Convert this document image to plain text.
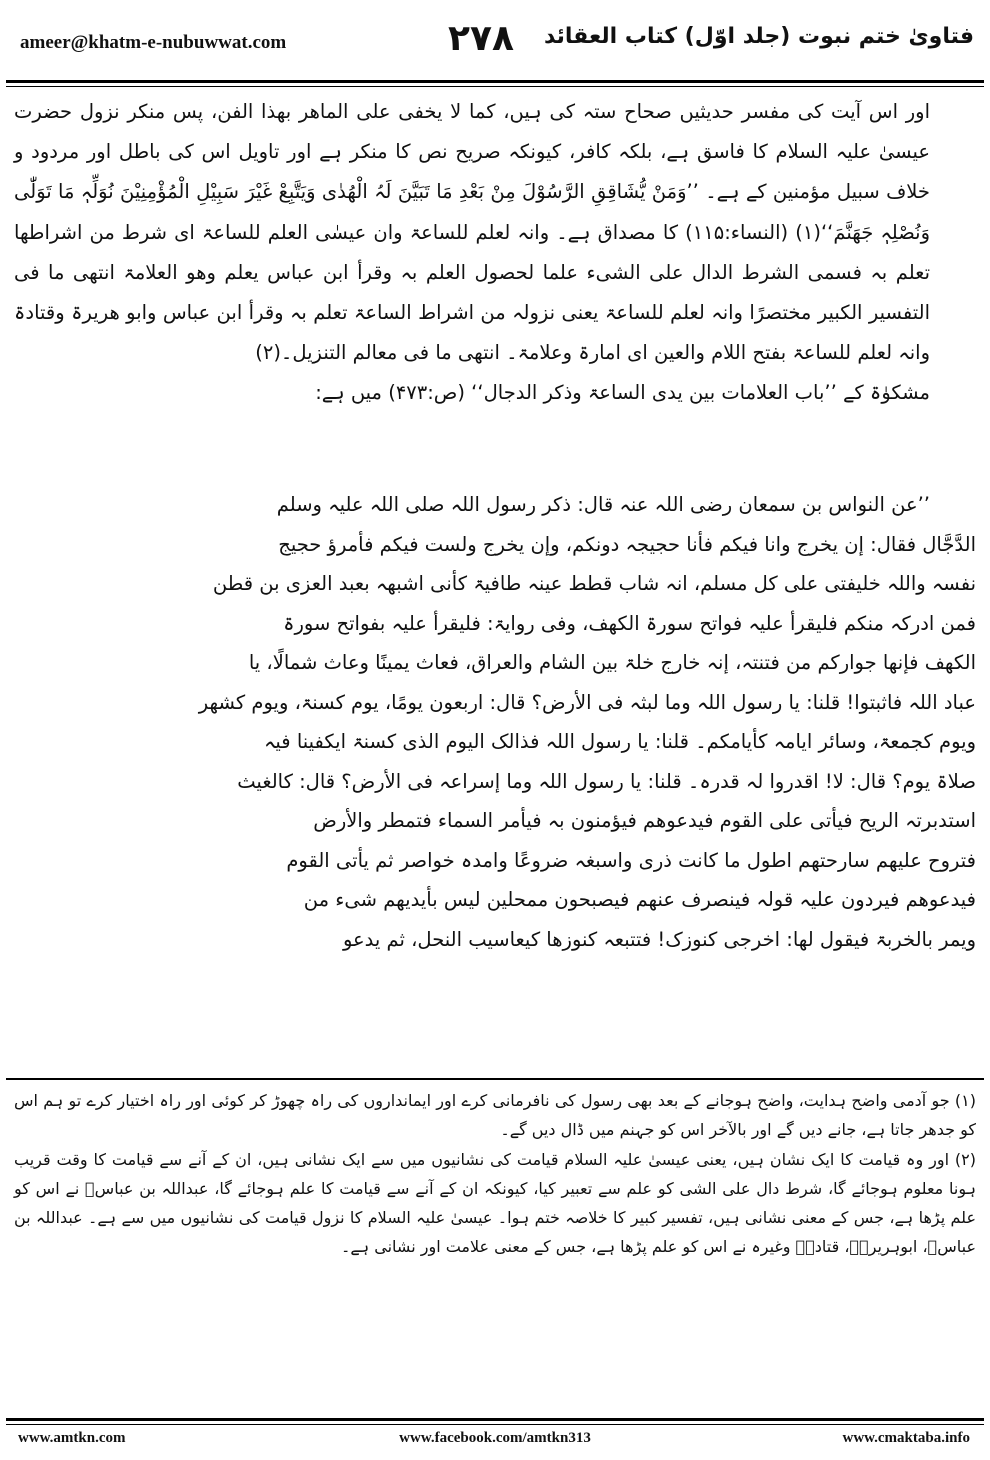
ameer@khatm-e-nubuwwat.com	۲۷۸	فتاویٰ ختم نبوت (جلد اوّل) کتاب العقائد

اور اس آیت کی مفسر حدیثیں صحاح ستہ کی ہیں، کما لا یخفی علی الماھر بھذا الفن، پس منکر نزول حضرت عیسیٰ علیہ السلام کا فاسق ہے، بلکہ کافر، کیونکہ صریح نص کا منکر ہے اور تاویل اس کی باطل اور مردود و خلاف سبیل مؤمنین کے ہے۔ ’’وَمَنْ یُّشَاقِقِ الرَّسُوْلَ مِنْ بَعْدِ مَا تَبَیَّنَ لَہُ الْھُدٰی وَیَتَّبِعْ غَیْرَ سَبِیْلِ الْمُؤْمِنِیْنَ نُوَلِّہٖ مَا تَوَلّٰی وَنُصْلِہٖ جَھَنَّمَ‘‘(۱) (النساء:۱۱۵) کا مصداق ہے۔ وانہ لعلم للساعۃ وان عیسٰی العلم للساعۃ ای شرط من اشراطھا تعلم بہ فسمی الشرط الدال علی الشیء علما لحصول العلم بہ وقرأ ابن عباس یعلم وھو العلامۃ انتھی ما فی التفسیر الکبیر مختصرًا وانہ لعلم للساعۃ یعنی نزولہ من اشراط الساعۃ تعلم بہ وقرأ ابن عباس وابو ھریرۃ وقتادۃ وانہ لعلم للساعۃ بفتح اللام والعین ای امارۃ وعلامۃ۔ انتھی ما فی معالم التنزیل۔(۲)

مشکوٰۃ کے ’’باب العلامات بین یدی الساعۃ وذکر الدجال‘‘ (ص:۴۷۳) میں ہے:

’’عن النواس بن سمعان رضی اللہ عنہ قال: ذکر رسول اللہ صلی اللہ علیہ وسلم
الدَّجَّال فقال: إن یخرج وانا فیکم فأنا حجیجہ دونکم، وإن یخرج ولست فیکم فأمرؤ حجیج
نفسہ واللہ خلیفتی علی کل مسلم، انہ شاب قطط عینہ طافیۃ کأنی اشبھہ بعبد العزی بن قطن
فمن ادرکہ منکم فلیقرأ علیہ فواتح سورۃ الکھف، وفی روایۃ: فلیقرأ علیہ بفواتح سورۃ
الکھف فإنھا جوارکم من فتنتہ، إنہ خارج خلۃ بین الشام والعراق، فعاث یمینًا وعاث شمالًا، یا
عباد اللہ فاثبتوا! قلنا: یا رسول اللہ وما لبثہ فی الأرض؟ قال: اربعون یومًا، یوم کسنۃ، ویوم کشھر
ویوم کجمعۃ، وسائر ایامہ کأیامکم۔ قلنا: یا رسول اللہ فذالک الیوم الذی کسنۃ ایکفینا فیہ
صلاۃ یوم؟ قال: لا! اقدروا لہ قدرہ۔ قلنا: یا رسول اللہ وما إسراعہ فی الأرض؟ قال: کالغیث
استدبرتہ الریح فیأتی علی القوم فیدعوھم فیؤمنون بہ فیأمر السماء فتمطر والأرض
فتروح علیھم سارحتھم اطول ما کانت ذری واسبغہ ضروعًا وامدہ خواصر ثم یأتی القوم
فیدعوھم فیردون علیہ قولہ فینصرف عنھم فیصبحون ممحلین لیس بأیدیھم شیء من
ویمر بالخربۃ فیقول لھا: اخرجی کنوزک! فتتبعہ کنوزھا کیعاسیب النحل، ثم یدعو

(۱) جو آدمی واضح ہدایت، واضح ہوجانے کے بعد بھی رسول کی نافرمانی کرے اور ایمانداروں کی راہ چھوڑ کر کوئی اور راہ اختیار کرے تو ہم اس کو جدھر جاتا ہے، جانے دیں گے اور بالآخر اس کو جہنم میں ڈال دیں گے۔

(۲) اور وہ قیامت کا ایک نشان ہیں، یعنی عیسیٰ علیہ السلام قیامت کی نشانیوں میں سے ایک نشانی ہیں، ان کے آنے سے قیامت کا وقت قریب ہونا معلوم ہوجائے گا، شرط دال علی الشی کو علم سے تعبیر کیا، کیونکہ ان کے آنے سے قیامت کا علم ہوجائے گا، عبداللہ بن عباسؓ نے اس کو علم پڑھا ہے، جس کے معنی نشانی ہیں، تفسیر کبیر کا خلاصہ ختم ہوا۔ عیسیٰ علیہ السلام کا نزول قیامت کی نشانیوں میں سے ہے۔ عبداللہ بن عباسؓ، ابوہریرہؓ، قتادہؒ وغیرہ نے اس کو علم پڑھا ہے، جس کے معنی علامت اور نشانی ہے۔

www.amtkn.com	www.facebook.com/amtkn313	www.cmaktaba.info
